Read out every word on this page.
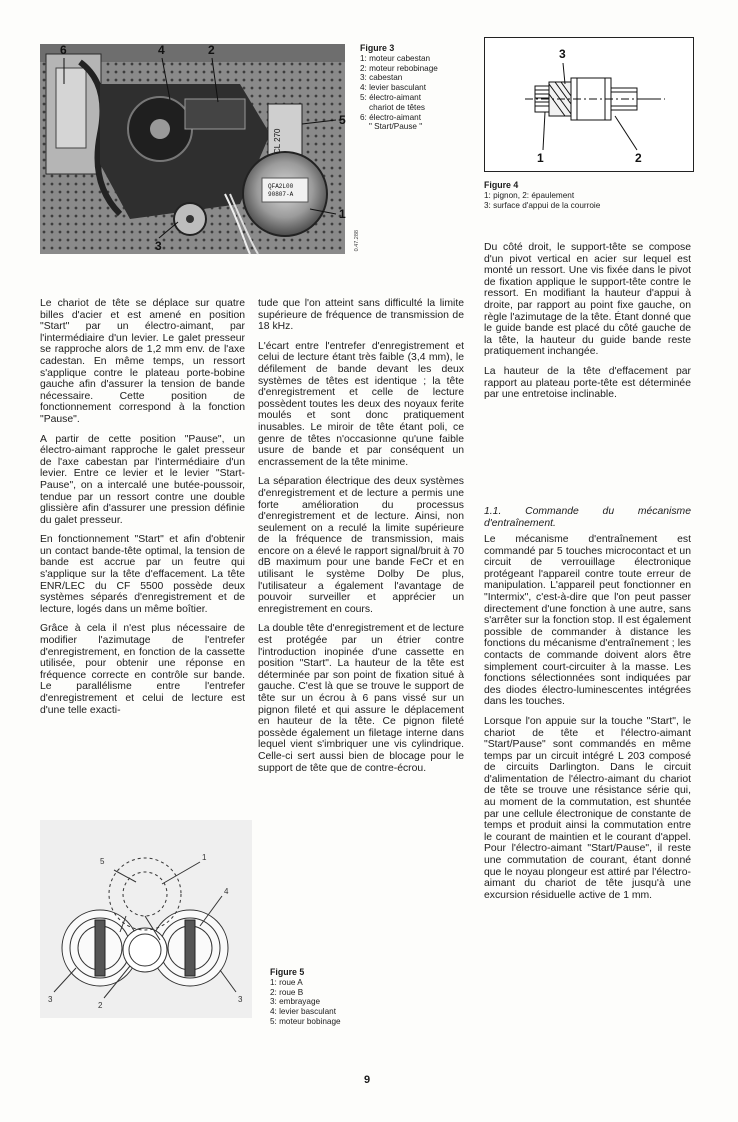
6	4	2
3
5
1
CL 270
QFA2L00
90807-A
0.47.288
Figure 3
1: moteur cabestan
2: moteur rebobinage
3: cabestan
4: levier basculant
5: électro-aimant
chariot de têtes
6: électro-aimant
" Start/Pause "
3
1	2
Figure 4
1: pignon, 2: épaulement
3: surface d'appui de la courroie

Le chariot de tête se déplace sur quatre billes d'acier et est amené en position "Start" par un électro-aimant, par l'intermédiaire d'un levier. Le galet presseur se rapproche alors de 1,2 mm env. de l'axe cadestan. En même temps, un ressort s'applique contre le plateau porte-bobine gauche afin d'assurer la tension de bande nécessaire. Cette position de fonctionnement correspond à la fonction "Pause".

A partir de cette position "Pause", un électro-aimant rapproche le galet presseur de l'axe cabestan par l'intermédiaire d'un levier. Entre ce levier et le levier "Start-Pause", on a intercalé une butée-poussoir, tendue par un ressort contre une double glissière afin d'assurer une pression définie du galet presseur.

En fonctionnement "Start" et afin d'obtenir un contact bande-tête optimal, la tension de bande est accrue par un feutre qui s'applique sur la tête d'effacement. La tête ENR/LEC du CF 5500 possède deux systèmes séparés d'enregistrement et de lecture, logés dans un même boîtier.

Grâce à cela il n'est plus nécessaire de modifier l'azimutage de l'entrefer d'enregistrement, en fonction de la cassette utilisée, pour obtenir une réponse en fréquence correcte en contrôle sur bande. Le parallélisme entre l'entrefer d'enregistrement et celui de lecture est d'une telle exacti-

5	1
4
3	3
2
Figure 5
1: roue A
2: roue B
3: embrayage
4: levier basculant
5: moteur bobinage

tude que l'on atteint sans difficulté la limite supérieure de fréquence de transmission de 18 kHz.

L'écart entre l'entrefer d'enregistrement et celui de lecture étant très faible (3,4 mm), le défilement de bande devant les deux systèmes de têtes est identique ; la tête d'enregistrement et celle de lecture possèdent toutes les deux des noyaux ferite moulés et sont donc pratiquement inusables. Le miroir de tête étant poli, ce genre de têtes n'occasionne qu'une faible usure de bande et par conséquent un encrassement de la tête minime.

La séparation électrique des deux systèmes d'enregistrement et de lecture a permis une forte amélioration du processus d'enregistrement et de lecture. Ainsi, non seulement on a reculé la limite supérieure de la fréquence de transmission, mais encore on a élevé le rapport signal/bruit à 70 dB maximum pour une bande FeCr et en utilisant le système Dolby De plus, l'utilisateur a également l'avantage de pouvoir surveiller et apprécier un enregistrement en cours.

La double tête d'enregistrement et de lecture est protégée par un étrier contre l'introduction inopinée d'une cassette en position "Start". La hauteur de la tête est déterminée par son point de fixation situé à gauche. C'est là que se trouve le support de tête sur un écrou à 6 pans vissé sur un pignon fileté et qui assure le déplacement en hauteur de la tête. Ce pignon fileté possède également un filetage interne dans lequel vient s'imbriquer une vis cylindrique. Celle-ci sert aussi bien de blocage pour le support de tête que de contre-écrou.

Du côté droit, le support-tête se compose d'un pivot vertical en acier sur lequel est monté un ressort. Une vis fixée dans le pivot de fixation applique le support-tête contre le ressort. En modifiant la hauteur d'appui à droite, par rapport au point fixe gauche, on règle l'azimutage de la tête. Étant donné que le guide bande est placé du côté gauche de la tête, la hauteur du guide bande reste pratiquement inchangée.

La hauteur de la tête d'effacement par rapport au plateau porte-tête est déterminée par une entretoise inclinable.

1.1. Commande du mécanisme d'entraînement.

Le mécanisme d'entraînement est commandé par 5 touches microcontact et un circuit de verrouillage électronique protégeant l'appareil contre toute erreur de manipulation. L'appareil peut fonctionner en "Intermix", c'est-à-dire que l'on peut passer directement d'une fonction à une autre, sans s'arrêter sur la fonction stop. Il est également possible de commander à distance les fonctions du mécanisme d'entraînement ; les contacts de commande doivent alors être simplement court-circuiter à la masse. Les fonctions sélectionnées sont indiquées par des diodes électro-luminescentes intégrées dans les touches.

Lorsque l'on appuie sur la touche "Start", le chariot de tête et l'électro-aimant "Start/Pause" sont commandés en même temps par un circuit intégré L 203 composé de circuits Darlington. Dans le circuit d'alimentation de l'électro-aimant du chariot de tête se trouve une résistance série qui, au moment de la commutation, est shuntée par une cellule électronique de constante de temps et produit ainsi la commutation entre le courant de maintien et le courant d'appel. Pour l'électro-aimant "Start/Pause", il reste une commutation de courant, étant donné que le noyau plongeur est attiré par l'électro-aimant du chariot de tête jusqu'à une excursion résiduelle active de 1 mm.

9
